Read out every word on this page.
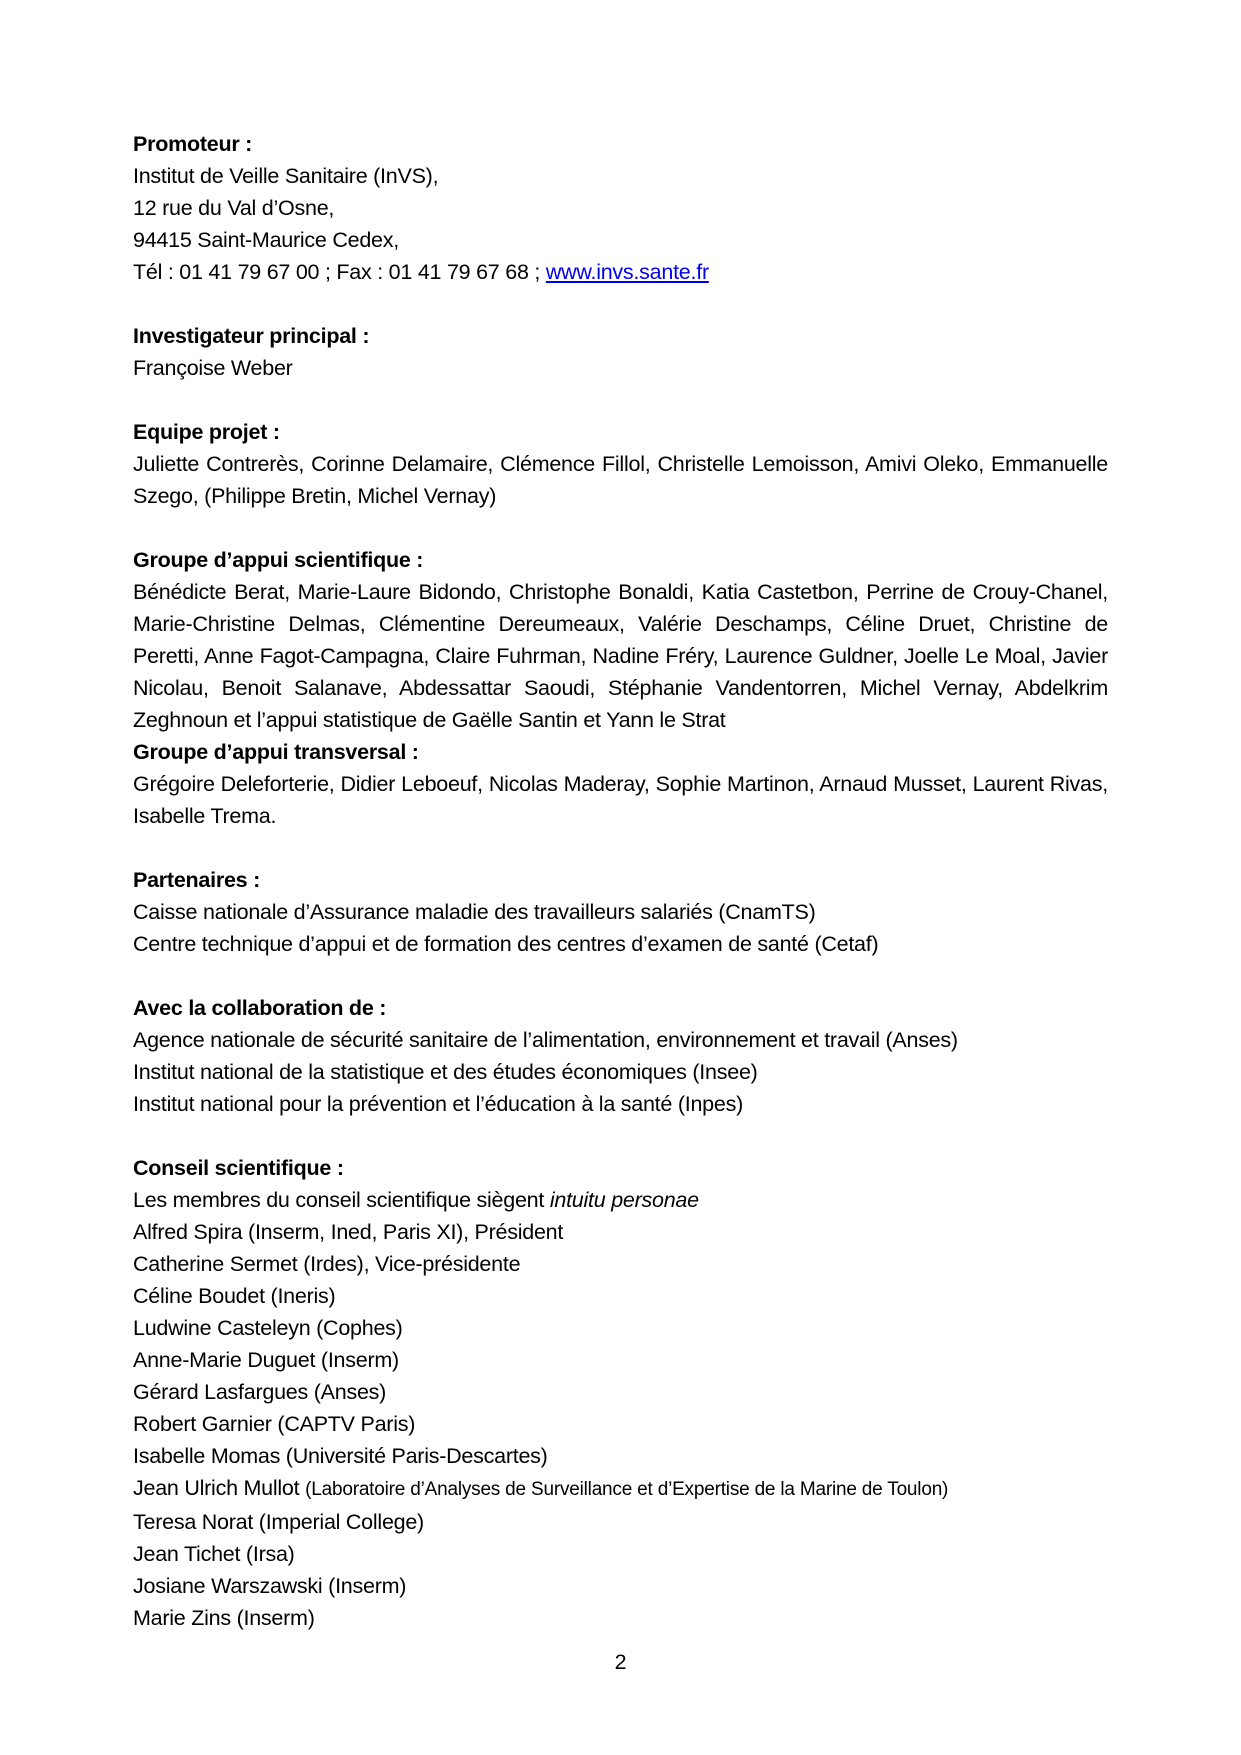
Promoteur :

Institut de Veille Sanitaire (InVS),

12 rue du Val d’Osne,

94415 Saint-Maurice Cedex,

Tél : 01 41 79 67 00 ; Fax : 01 41 79 67 68 ; www.invs.sante.fr

Investigateur principal :

Françoise Weber

Equipe projet :

Juliette Contrerès, Corinne Delamaire, Clémence Fillol, Christelle Lemoisson, Amivi Oleko, Emmanuelle Szego, (Philippe Bretin, Michel Vernay)

Groupe d’appui scientifique :

Bénédicte Berat, Marie-Laure Bidondo, Christophe Bonaldi, Katia Castetbon, Perrine de Crouy-Chanel, Marie-Christine Delmas, Clémentine Dereumeaux, Valérie Deschamps, Céline Druet, Christine de Peretti, Anne Fagot-Campagna, Claire Fuhrman, Nadine Fréry, Laurence Guldner, Joelle Le Moal, Javier Nicolau, Benoit Salanave, Abdessattar Saoudi, Stéphanie Vandentorren, Michel Vernay, Abdelkrim Zeghnoun et l’appui statistique de Gaëlle Santin et Yann le Strat

Groupe d’appui transversal :

Grégoire Deleforterie, Didier Leboeuf, Nicolas Maderay, Sophie Martinon, Arnaud Musset, Laurent Rivas, Isabelle Trema.

Partenaires :

Caisse nationale d’Assurance maladie des travailleurs salariés (CnamTS)

Centre technique d’appui et de formation des centres d’examen de santé (Cetaf)

Avec la collaboration de :

Agence nationale de sécurité sanitaire de l’alimentation, environnement et travail (Anses)

Institut national de la statistique et des études économiques (Insee)

Institut national pour la prévention et l’éducation à la santé (Inpes)

Conseil scientifique :

Les membres du conseil scientifique siègent intuitu personae

Alfred Spira (Inserm, Ined, Paris XI), Président

Catherine Sermet (Irdes), Vice-présidente

Céline Boudet (Ineris)

Ludwine Casteleyn (Cophes)

Anne-Marie Duguet (Inserm)

Gérard Lasfargues (Anses)

Robert Garnier (CAPTV Paris)

Isabelle Momas (Université Paris-Descartes)

Jean Ulrich Mullot (Laboratoire d’Analyses de Surveillance et d’Expertise de la Marine de Toulon)

Teresa Norat (Imperial College)

Jean Tichet (Irsa)

Josiane Warszawski (Inserm)

Marie Zins (Inserm)

2
